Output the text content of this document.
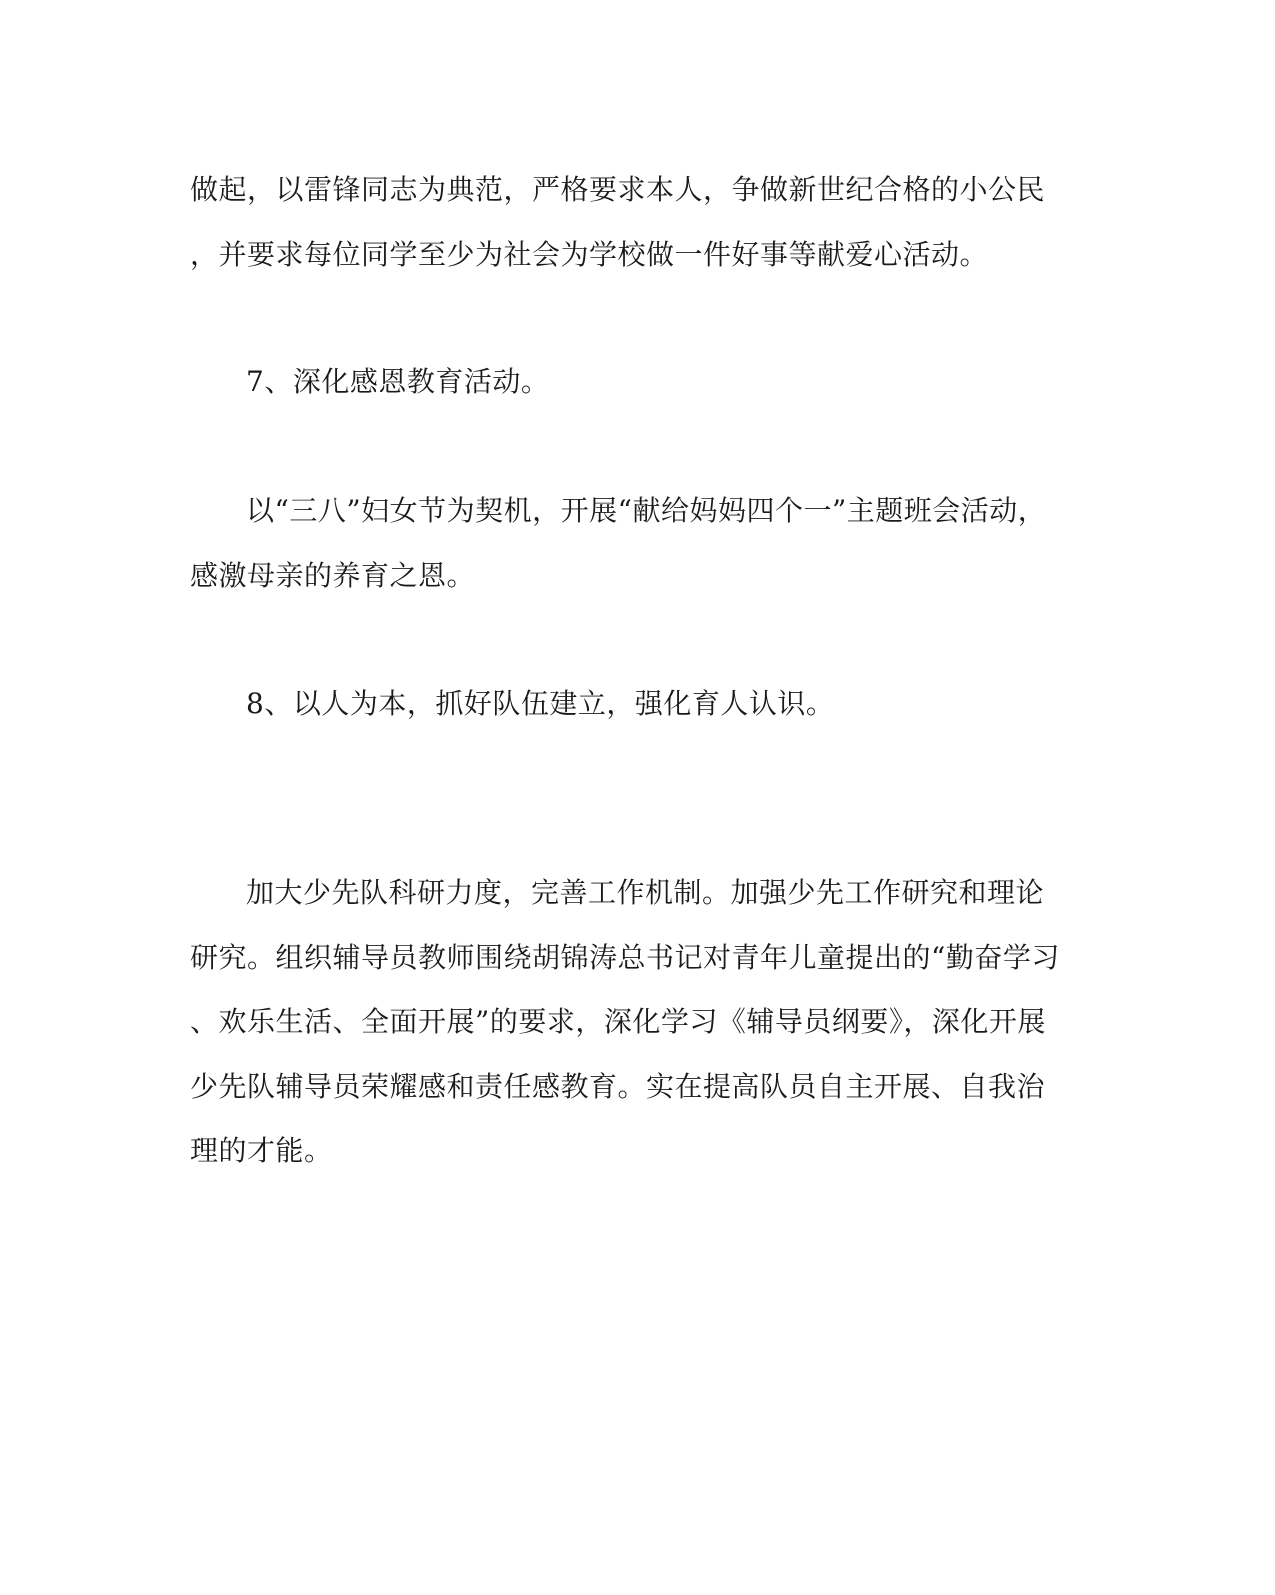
做起，以雷锋同志为典范，严格要求本人，争做新世纪合格的小公民
，并要求每位同学至少为社会为学校做一件好事等献爱心活动。
7、深化感恩教育活动。
以“三八”妇女节为契机，开展“献给妈妈四个一”主题班会活动，
感激母亲的养育之恩。
8、以人为本，抓好队伍建立，强化育人认识。
加大少先队科研力度，完善工作机制。加强少先工作研究和理论
研究。组织辅导员教师围绕胡锦涛总书记对青年儿童提出的“勤奋学习
、欢乐生活、全面开展”的要求，深化学习《辅导员纲要》，深化开展
少先队辅导员荣耀感和责任感教育。实在提高队员自主开展、自我治
理的才能。
